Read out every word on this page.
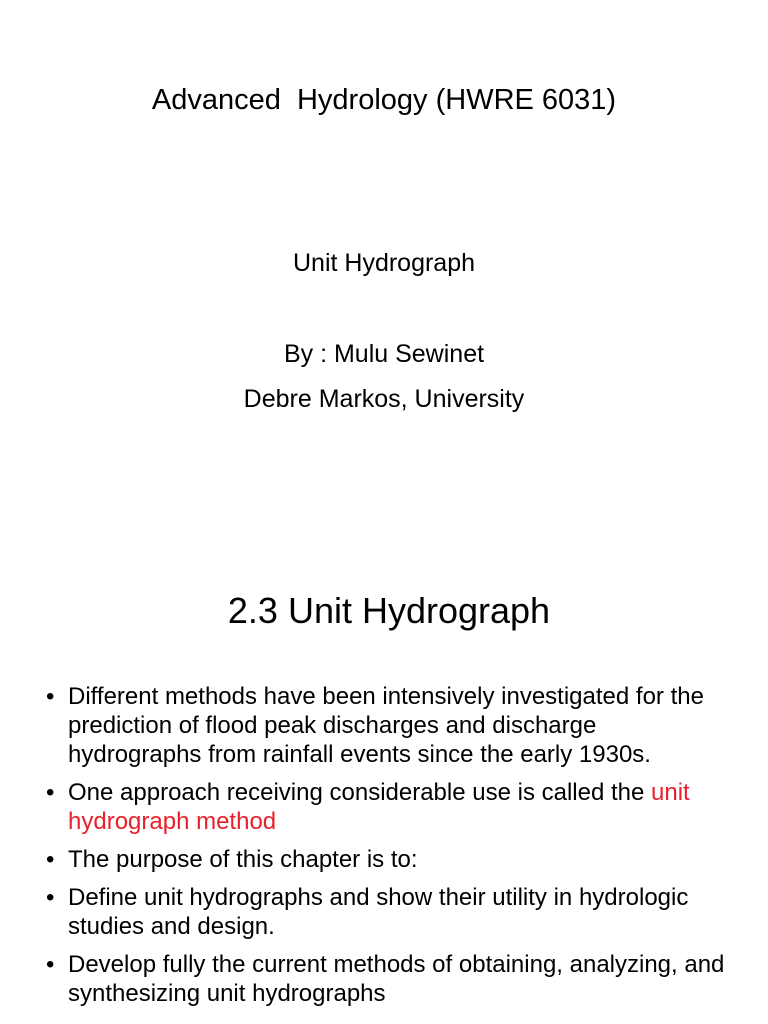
Advanced  Hydrology (HWRE 6031)

Unit Hydrograph

By : Mulu Sewinet

Debre Markos, University

2.3 Unit Hydrograph
• Different methods have been intensively investigated for the prediction of flood peak discharges and discharge hydrographs from rainfall events since the early 1930s.
• One approach receiving considerable use is called the unit hydrograph method
• The purpose of this chapter is to:
• Define unit hydrographs and show their utility in hydrologic studies and design.
• Develop fully the current methods of obtaining, analyzing, and synthesizing unit hydrographs
